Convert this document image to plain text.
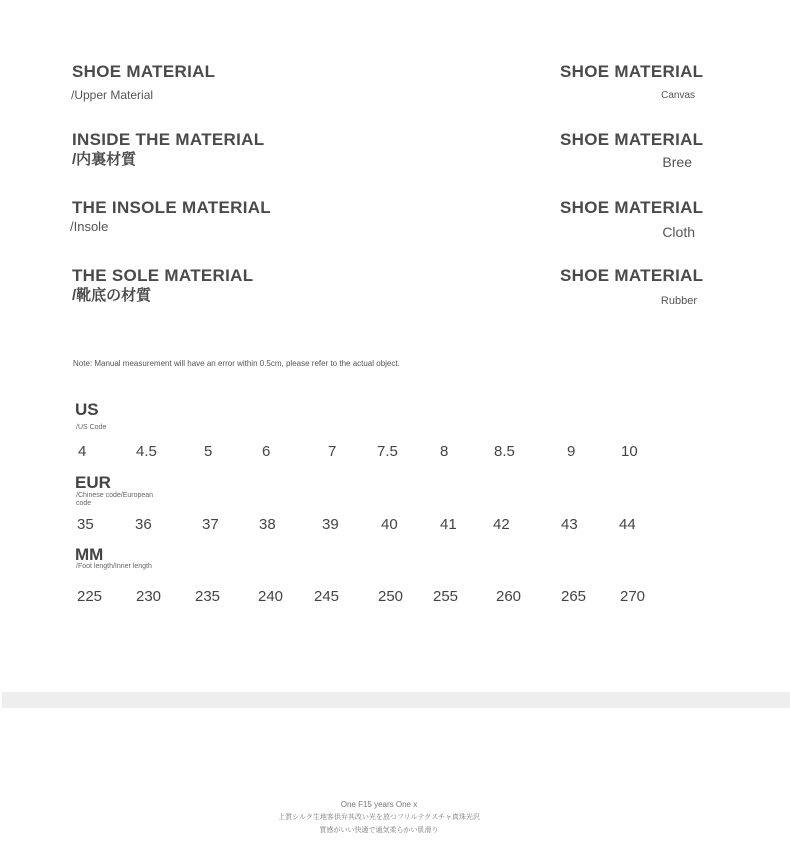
SHOE MATERIAL
/Upper Material
SHOE MATERIAL
Canvas
INSIDE THE MATERIAL
/内裏材質
SHOE MATERIAL
Bree
THE INSOLE MATERIAL
/Insole
SHOE MATERIAL
Cloth
THE SOLE MATERIAL
/靴底の材質
SHOE MATERIAL
Rubber
Note: Manual measurement will have an error within 0.5cm, please refer to the actual object.
US
/US Code
4	4.5	5	6	7	7.5	8	8.5	9	10
EUR
/Chinese code/European code
35	36	37	38	39	40	41 42	43	44
MM
/Foot length/Inner length
225 230 235	240 245	250 255	260	265 270
One F15 years One x
上質シルク生地客供弁其改い光を放つフリルテクスチャ真珠光沢
質感がいい快適で通気柔らかい肌滑り
